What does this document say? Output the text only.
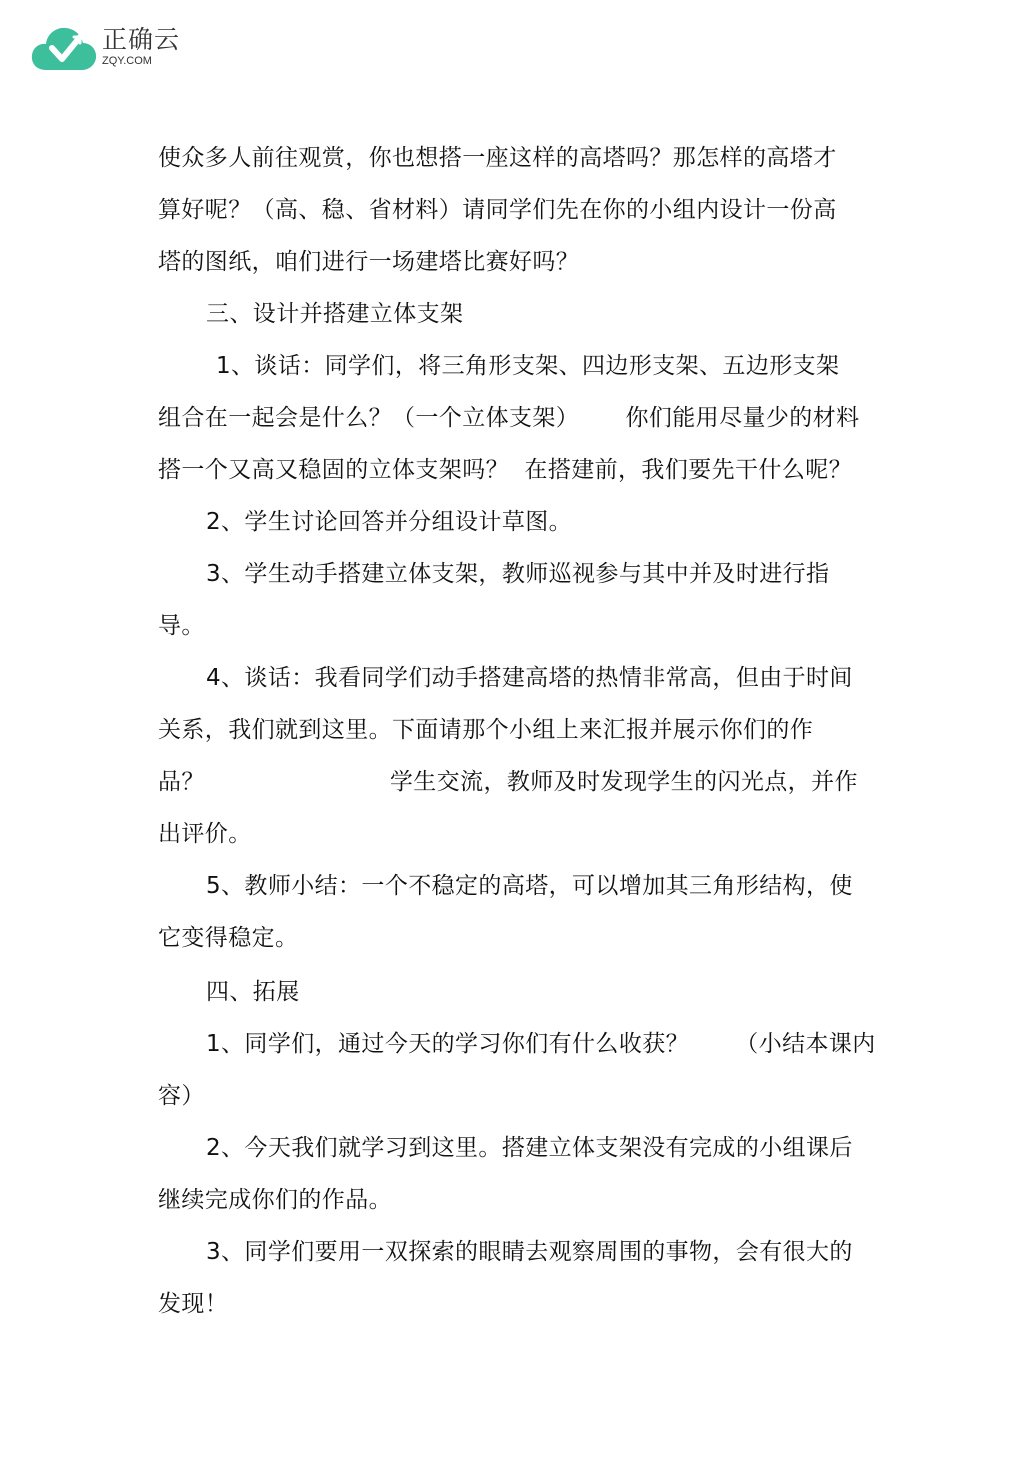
正确云
ZQY.COM
使众多人前往观赏，你也想搭一座这样的高塔吗？那怎样的高塔才
算好呢？（高、稳、省材料）请同学们先在你的小组内设计一份高
塔的图纸，咱们进行一场建塔比赛好吗？
三、设计并搭建立体支架
1、谈话：同学们，将三角形支架、四边形支架、五边形支架
组合在一起会是什么？（一个立体支架）      你们能用尽量少的材料
搭一个又高又稳固的立体支架吗？  在搭建前，我们要先干什么呢？
2、学生讨论回答并分组设计草图。
3、学生动手搭建立体支架，教师巡视参与其中并及时进行指
导。
4、谈话：我看同学们动手搭建高塔的热情非常高，但由于时间
关系，我们就到这里。下面请那个小组上来汇报并展示你们的作
品？                        学生交流，教师及时发现学生的闪光点，并作
出评价。
5、教师小结：一个不稳定的高塔，可以增加其三角形结构，使
它变得稳定。
四、拓展
1、同学们，通过今天的学习你们有什么收获？      （小结本课内
容）
2、今天我们就学习到这里。搭建立体支架没有完成的小组课后
继续完成你们的作品。
3、同学们要用一双探索的眼睛去观察周围的事物，会有很大的
发现！
